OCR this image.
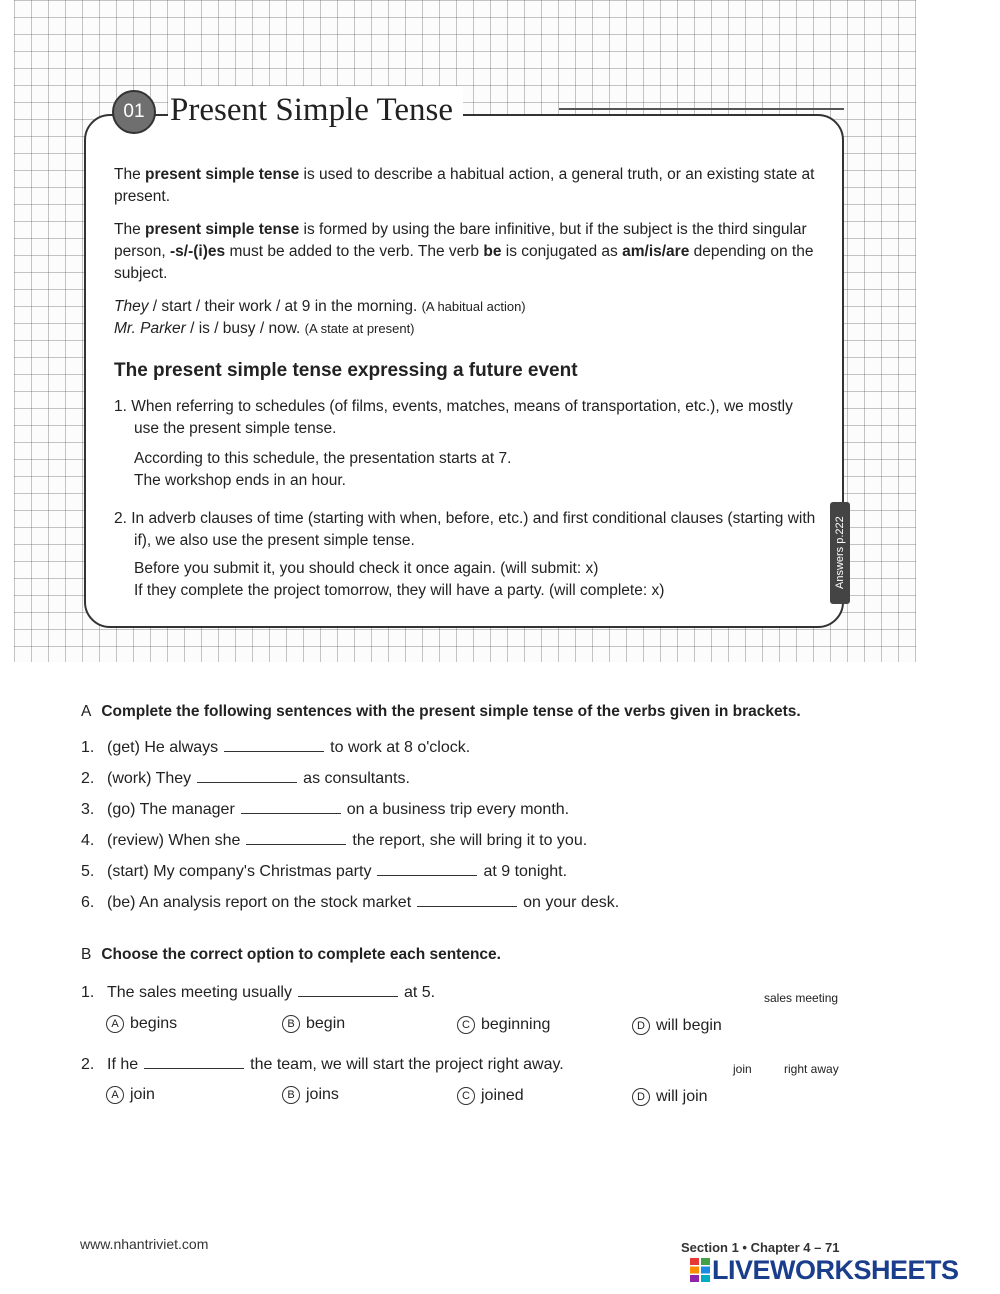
01 Present Simple Tense
Answers p.222

The present simple tense is used to describe a habitual action, a general truth, or an existing state at present.

The present simple tense is formed by using the bare infinitive, but if the subject is the third singular person, -s/-(i)es must be added to the verb. The verb be is conjugated as am/is/are depending on the subject.

They / start / their work / at 9 in the morning. (A habitual action)

Mr. Parker / is / busy / now. (A state at present)

The present simple tense expressing a future event

1. When referring to schedules (of films, events, matches, means of transportation, etc.), we mostly use the present simple tense.

According to this schedule, the presentation starts at 7.

The workshop ends in an hour.

2. In adverb clauses of time (starting with when, before, etc.) and first conditional clauses (starting with if), we also use the present simple tense.

Before you submit it, you should check it once again. (will submit: x)

If they complete the project tomorrow, they will have a party. (will complete: x)

A Complete the following sentences with the present simple tense of the verbs given in brackets.
1. (get) He always	to work at 8 o'clock.
2. (work) They	as consultants.
3. (go) The manager	on a business trip every month.
4. (review) When she	the report, she will bring it to you.
5. (start) My company's Christmas party	at 9 tonight.
6. (be) An analysis report on the stock market	on your desk.
B Choose the correct option to complete each sentence.
1. The sales meeting usually	at 5.	sales meeting
A begins	B begin	C beginning	D will begin
2. If he	the team, we will start the project right away.	join	right away
A join	B joins	C joined	D will join
www.nhantriviet.com	Section 1 • Chapter 4 – 71
LIVEWORKSHEETS
